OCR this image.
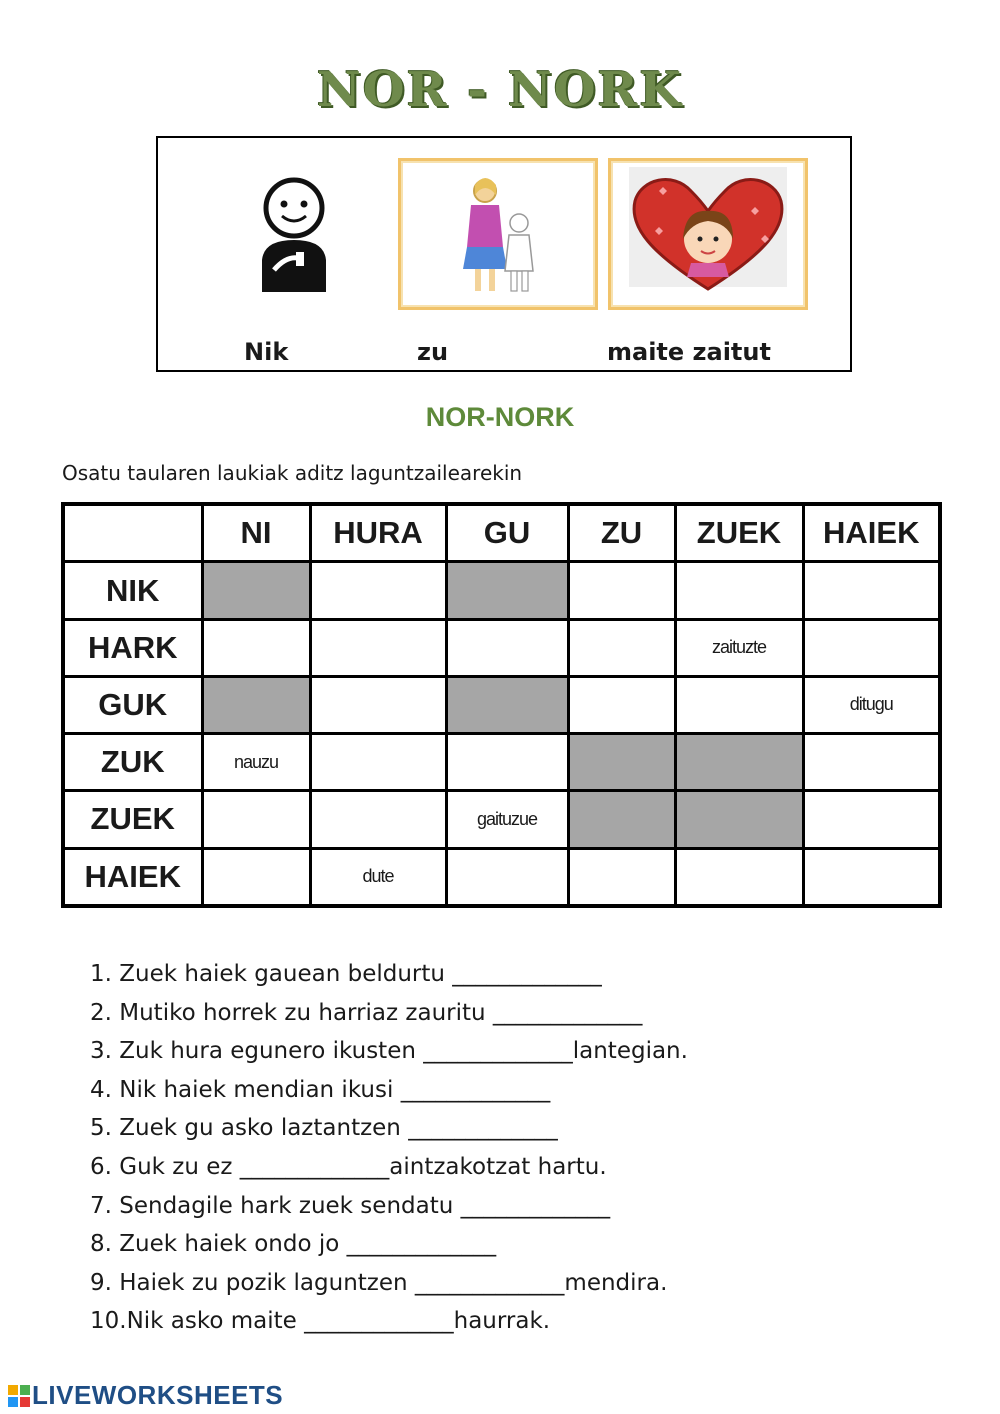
NOR - NORK
Nik	zu	maite zaitut
NOR-NORK
Osatu taularen laukiak aditz laguntzailearekin
	NI	HURA	GU	ZU	ZUEK	HAIEK
NIK						
HARK					zaituzte	
GUK						ditugu
ZUK	nauzu					
ZUEK			gaituzue			
HAIEK		dute				
1. Zuek haiek gauean beldurtu _____________
2. Mutiko horrek zu harriaz zauritu _____________
3. Zuk hura egunero ikusten _____________lantegian.
4. Nik haiek mendian ikusi _____________
5. Zuek gu asko laztantzen _____________
6. Guk zu ez _____________aintzakotzat hartu.
7. Sendagile hark zuek sendatu _____________
8. Zuek haiek ondo jo _____________
9. Haiek zu pozik laguntzen _____________mendira.
10.Nik asko maite _____________haurrak.
LIVEWORKSHEETS
